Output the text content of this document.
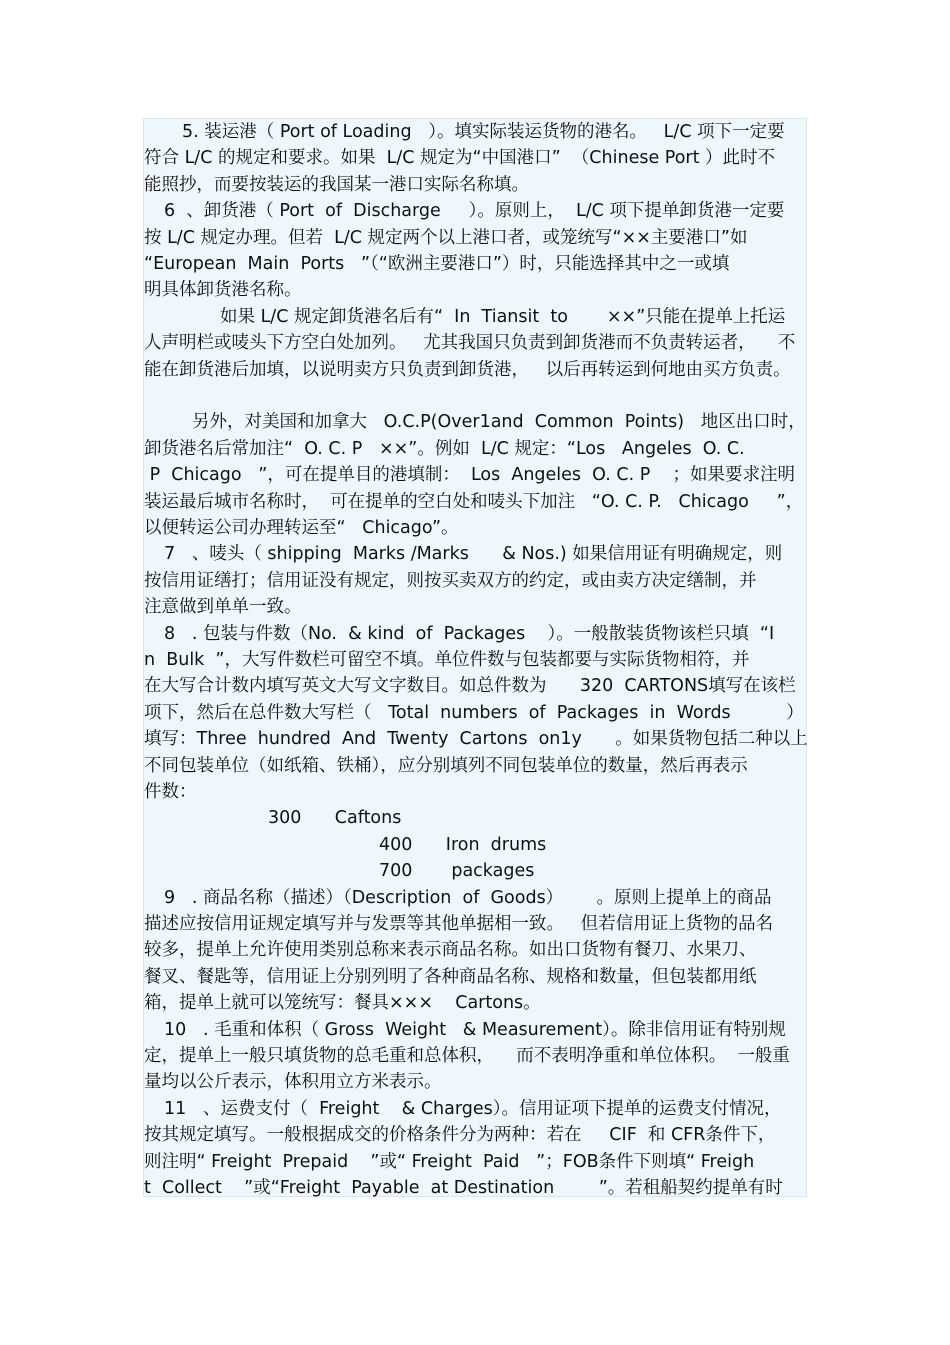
5. 装运港（ Port of Loading   ）。填实际装运货物的港名。   L/C 项下一定要
符合 L/C 的规定和要求。如果  L/C 规定为“中国港口”  （Chinese Port ）此时不
能照抄，而要按装运的我国某一港口实际名称填。
6  、卸货港（ Port  of  Discharge     ）。原则上，  L/C 项下提单卸货港一定要
按 L/C 规定办理。但若  L/C 规定两个以上港口者，或笼统写“××主要港口”如
“European  Main  Ports   ”（“欧洲主要港口”）时，只能选择其中之一或填
明具体卸货港名称。
如果 L/C 规定卸货港名后有“  In  Tiansit  to       ××”只能在提单上托运
人声明栏或唛头下方空白处加列。   尤其我国只负责到卸货港而不负责转运者，    不
能在卸货港后加填，以说明卖方只负责到卸货港，   以后再转运到何地由买方负责。
另外，对美国和加拿大   O.C.P(Over1and  Common  Points)   地区出口时，
卸货港名后常加注“  O. C. P   ××”。例如  L/C 规定：“Los   Angeles  O. C.
P  Chicago   ”，可在提单目的港填制：  Los  Angeles  O. C. P    ；如果要求注明
装运最后城市名称时，  可在提单的空白处和唛头下加注   “O. C. P.   Chicago     ”，
以便转运公司办理转运至“   Chicago”。
7   、唛头（ shipping  Marks /Marks      & Nos.) 如果信用证有明确规定，则
按信用证缮打；信用证没有规定，则按买卖双方的约定，或由卖方决定缮制，并
注意做到单单一致。
8   . 包装与件数（No.  & kind  of  Packages    ）。一般散装货物该栏只填  “I
n  Bulk  ”，大写件数栏可留空不填。单位件数与包装都要与实际货物相符，并
在大写合计数内填写英文大写文字数目。如总件数为      320  CARTONS填写在该栏
项下，然后在总件数大写栏（   Total  numbers  of  Packages  in  Words          ）
填写：Three  hundred  And  Twenty  Cartons  on1y      。如果货物包括二种以上
不同包装单位（如纸箱、铁桶），应分别填列不同包装单位的数量，然后再表示
件数：
300      Caftons
400      Iron  drums
700       packages
9   . 商品名称（描述）（Description  of  Goods）      。原则上提单上的商品
描述应按信用证规定填写并与发票等其他单据相一致。   但若信用证上货物的品名
较多，提单上允许使用类别总称来表示商品名称。如出口货物有餐刀、水果刀、
餐叉、餐匙等，信用证上分别列明了各种商品名称、规格和数量，但包装都用纸
箱，提单上就可以笼统写：餐具×××    Cartons。
10   . 毛重和体积（ Gross  Weight   & Measurement）。除非信用证有特别规
定，提单上一般只填货物的总毛重和总体积，    而不表明净重和单位体积。  一般重
量均以公斤表示，体积用立方米表示。
11   、运费支付（  Freight    & Charges）。信用证项下提单的运费支付情况，
按其规定填写。一般根据成交的价格条件分为两种：若在     CIF  和 CFR条件下，
则注明“ Freight  Prepaid    ”或“ Freight  Paid   ”；FOB条件下则填“ Freigh
t  Collect    ”或“Freight  Payable  at Destination        ”。若租船契约提单有时
